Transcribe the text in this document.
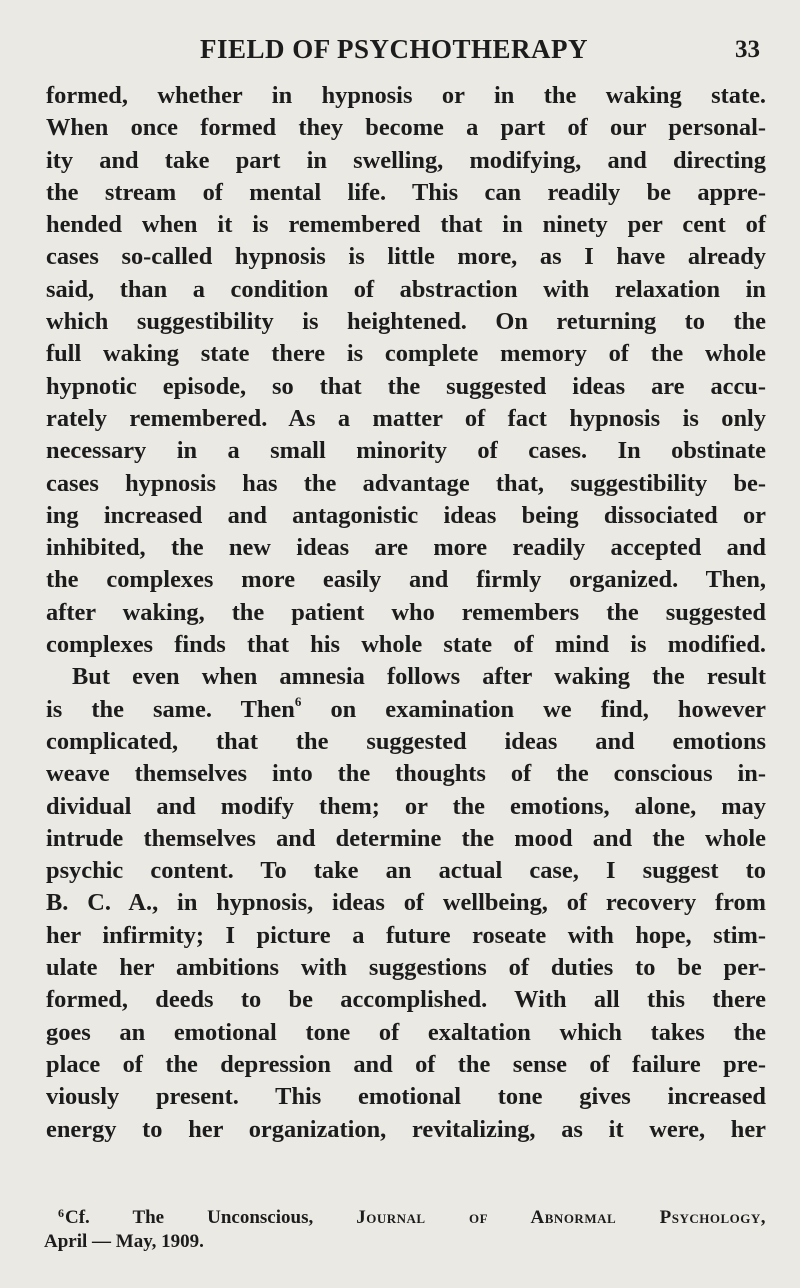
FIELD OF PSYCHOTHERAPY	33
formed, whether in hypnosis or in the waking state.
When once formed they become a part of our personal-
ity and take part in swelling, modifying, and directing
the stream of mental life. This can readily be appre-
hended when it is remembered that in ninety per cent of
cases so-called hypnosis is little more, as I have already
said, than a condition of abstraction with relaxation in
which suggestibility is heightened. On returning to the
full waking state there is complete memory of the whole
hypnotic episode, so that the suggested ideas are accu-
rately remembered. As a matter of fact hypnosis is only
necessary in a small minority of cases. In obstinate
cases hypnosis has the advantage that, suggestibility be-
ing increased and antagonistic ideas being dissociated or
inhibited, the new ideas are more readily accepted and
the complexes more easily and firmly organized. Then,
after waking, the patient who remembers the suggested
complexes finds that his whole state of mind is modified.
But even when amnesia follows after waking the result
is the same. Then$^6$ on examination we find, however
complicated, that the suggested ideas and emotions
weave themselves into the thoughts of the conscious in-
dividual and modify them; or the emotions, alone, may
intrude themselves and determine the mood and the whole
psychic content. To take an actual case, I suggest to
B. C. A., in hypnosis, ideas of wellbeing, of recovery from
her infirmity; I picture a future roseate with hope, stim-
ulate her ambitions with suggestions of duties to be per-
formed, deeds to be accomplished. With all this there
goes an emotional tone of exaltation which takes the
place of the depression and of the sense of failure pre-
viously present. This emotional tone gives increased
energy to her organization, revitalizing, as it were, her
$^6$Cf. The Unconscious, Journal of Abnormal Psychology,
April — May, 1909.
